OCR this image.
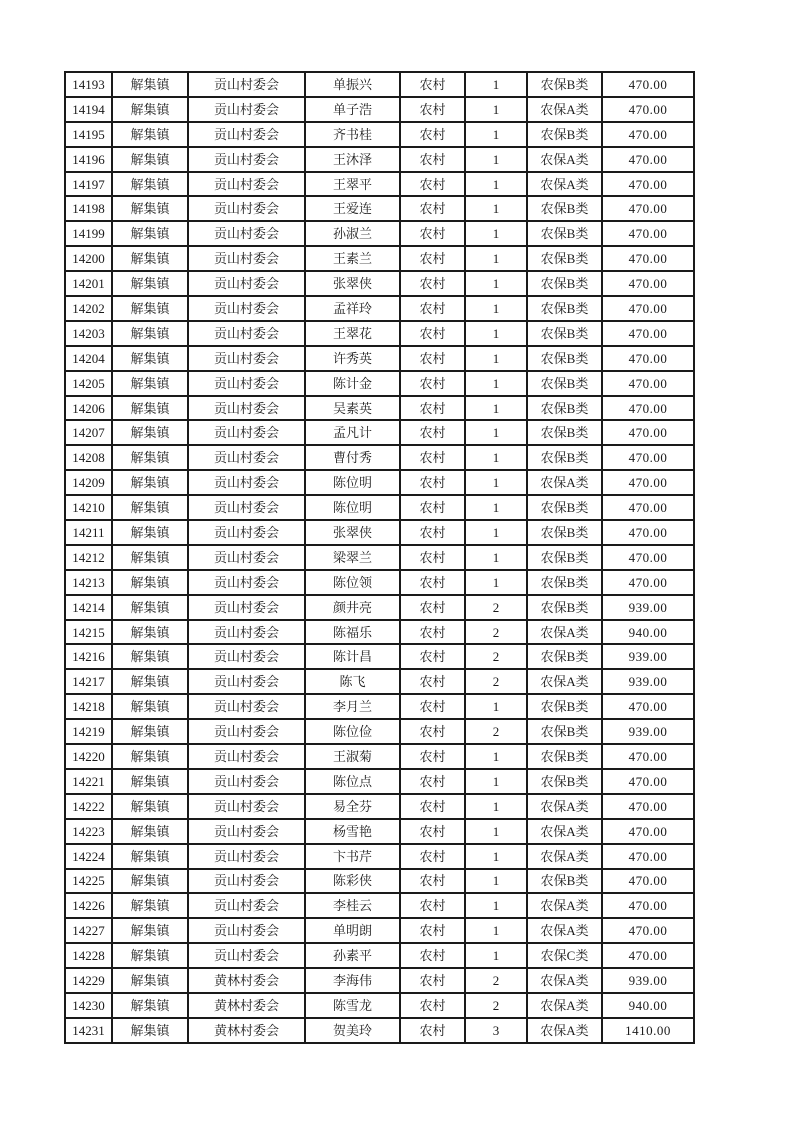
14193	解集镇	贡山村委会	单振兴	农村	1	农保B类	470.00
14194	解集镇	贡山村委会	单子浩	农村	1	农保A类	470.00
14195	解集镇	贡山村委会	齐书桂	农村	1	农保B类	470.00
14196	解集镇	贡山村委会	王沐泽	农村	1	农保A类	470.00
14197	解集镇	贡山村委会	王翠平	农村	1	农保A类	470.00
14198	解集镇	贡山村委会	王爱连	农村	1	农保B类	470.00
14199	解集镇	贡山村委会	孙淑兰	农村	1	农保B类	470.00
14200	解集镇	贡山村委会	王素兰	农村	1	农保B类	470.00
14201	解集镇	贡山村委会	张翠侠	农村	1	农保B类	470.00
14202	解集镇	贡山村委会	孟祥玲	农村	1	农保B类	470.00
14203	解集镇	贡山村委会	王翠花	农村	1	农保B类	470.00
14204	解集镇	贡山村委会	许秀英	农村	1	农保B类	470.00
14205	解集镇	贡山村委会	陈计金	农村	1	农保B类	470.00
14206	解集镇	贡山村委会	吴素英	农村	1	农保B类	470.00
14207	解集镇	贡山村委会	孟凡计	农村	1	农保B类	470.00
14208	解集镇	贡山村委会	曹付秀	农村	1	农保B类	470.00
14209	解集镇	贡山村委会	陈位明	农村	1	农保A类	470.00
14210	解集镇	贡山村委会	陈位明	农村	1	农保B类	470.00
14211	解集镇	贡山村委会	张翠侠	农村	1	农保B类	470.00
14212	解集镇	贡山村委会	梁翠兰	农村	1	农保B类	470.00
14213	解集镇	贡山村委会	陈位领	农村	1	农保B类	470.00
14214	解集镇	贡山村委会	颜井亮	农村	2	农保B类	939.00
14215	解集镇	贡山村委会	陈福乐	农村	2	农保A类	940.00
14216	解集镇	贡山村委会	陈计昌	农村	2	农保B类	939.00
14217	解集镇	贡山村委会	陈飞	农村	2	农保A类	939.00
14218	解集镇	贡山村委会	李月兰	农村	1	农保B类	470.00
14219	解集镇	贡山村委会	陈位俭	农村	2	农保B类	939.00
14220	解集镇	贡山村委会	王淑菊	农村	1	农保B类	470.00
14221	解集镇	贡山村委会	陈位点	农村	1	农保B类	470.00
14222	解集镇	贡山村委会	易全芬	农村	1	农保A类	470.00
14223	解集镇	贡山村委会	杨雪艳	农村	1	农保A类	470.00
14224	解集镇	贡山村委会	卞书芹	农村	1	农保A类	470.00
14225	解集镇	贡山村委会	陈彩侠	农村	1	农保B类	470.00
14226	解集镇	贡山村委会	李桂云	农村	1	农保A类	470.00
14227	解集镇	贡山村委会	单明朗	农村	1	农保A类	470.00
14228	解集镇	贡山村委会	孙素平	农村	1	农保C类	470.00
14229	解集镇	黄林村委会	李海伟	农村	2	农保A类	939.00
14230	解集镇	黄林村委会	陈雪龙	农村	2	农保A类	940.00
14231	解集镇	黄林村委会	贺美玲	农村	3	农保A类	1410.00
